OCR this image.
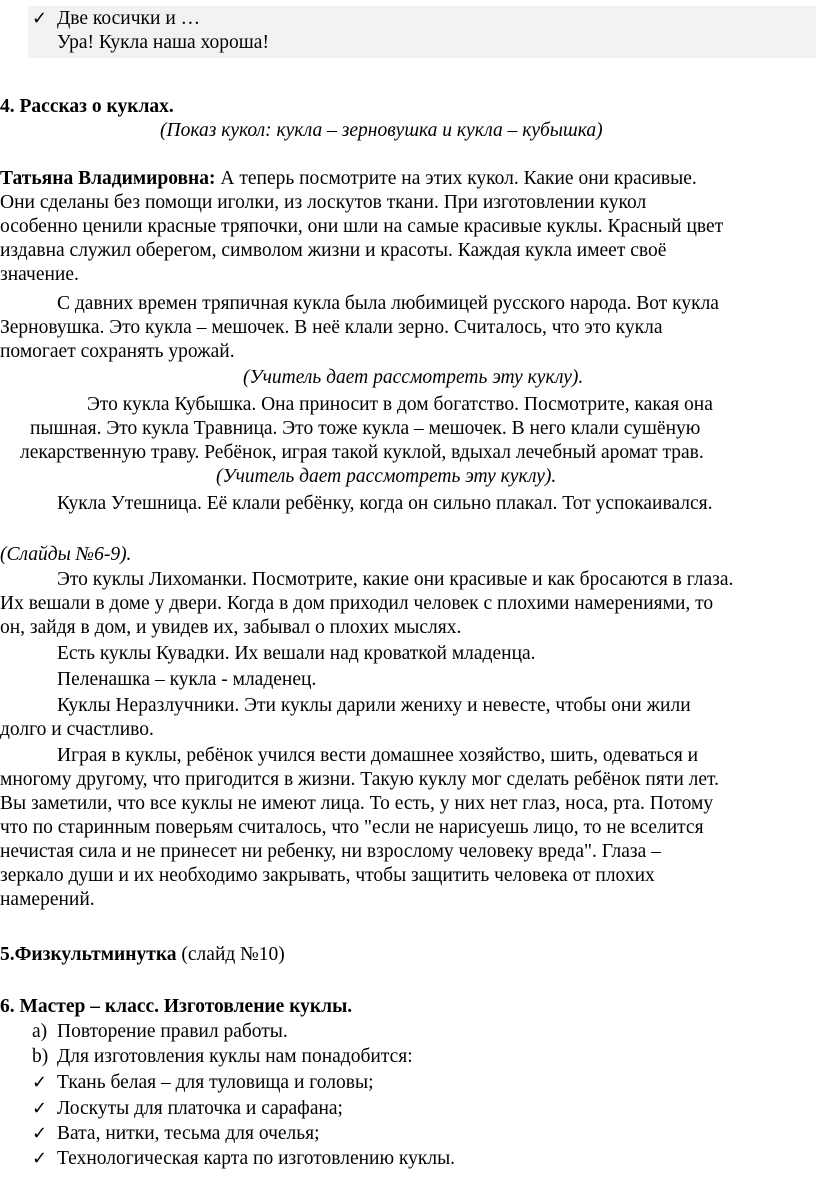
✓ Две косички и …
Ура! Кукла наша хороша!
4. Рассказ о куклах.
(Показ кукол: кукла – зерновушка и кукла – кубышка)
Татьяна Владимировна: А теперь посмотрите на этих кукол. Какие они красивые.
Они сделаны без помощи иголки, из лоскутов ткани. При изготовлении кукол
особенно ценили красные тряпочки, они шли на самые красивые куклы. Красный цвет
издавна служил оберегом, символом жизни и красоты. Каждая кукла имеет своё
значение.
С давних времен тряпичная кукла была любимицей русского народа. Вот кукла
Зерновушка. Это кукла – мешочек. В неё клали зерно. Считалось, что это кукла
помогает сохранять урожай.
(Учитель дает рассмотреть эту куклу).
Это кукла Кубышка. Она приносит в дом богатство. Посмотрите, какая она
пышная. Это кукла Травница. Это тоже кукла – мешочек. В него клали сушёную
лекарственную траву. Ребёнок, играя такой куклой, вдыхал лечебный аромат трав.
(Учитель дает рассмотреть эту куклу).
Кукла Утешница. Её клали ребёнку, когда он сильно плакал. Тот успокаивался.
(Слайды №6-9).
Это куклы Лихоманки. Посмотрите, какие они красивые и как бросаются в глаза.
Их вешали в доме у двери. Когда в дом приходил человек с плохими намерениями, то
он, зайдя в дом, и увидев их, забывал о плохих мыслях.
Есть куклы Кувадки. Их вешали над кроваткой младенца.
Пеленашка – кукла - младенец.
Куклы Неразлучники. Эти куклы дарили жениху и невесте, чтобы они жили
долго и счастливо.
Играя в куклы, ребёнок учился вести домашнее хозяйство, шить, одеваться и
многому другому, что пригодится в жизни. Такую куклу мог сделать ребёнок пяти лет.
Вы заметили, что все куклы не имеют лица. То есть, у них нет глаз, носа, рта. Потому
что по старинным поверьям считалось, что "если не нарисуешь лицо, то не вселится
нечистая сила и не принесет ни ребенку, ни взрослому человеку вреда". Глаза –
зеркало души и их необходимо закрывать, чтобы защитить человека от плохих
намерений.
5.Физкультминутка (слайд №10)
6. Мастер – класс. Изготовление куклы.
a) Повторение правил работы.
b) Для изготовления куклы нам понадобится:
✓ Ткань белая – для туловища и головы;
✓ Лоскуты для платочка и сарафана;
✓ Вата, нитки, тесьма для очелья;
✓ Технологическая карта по изготовлению куклы.
